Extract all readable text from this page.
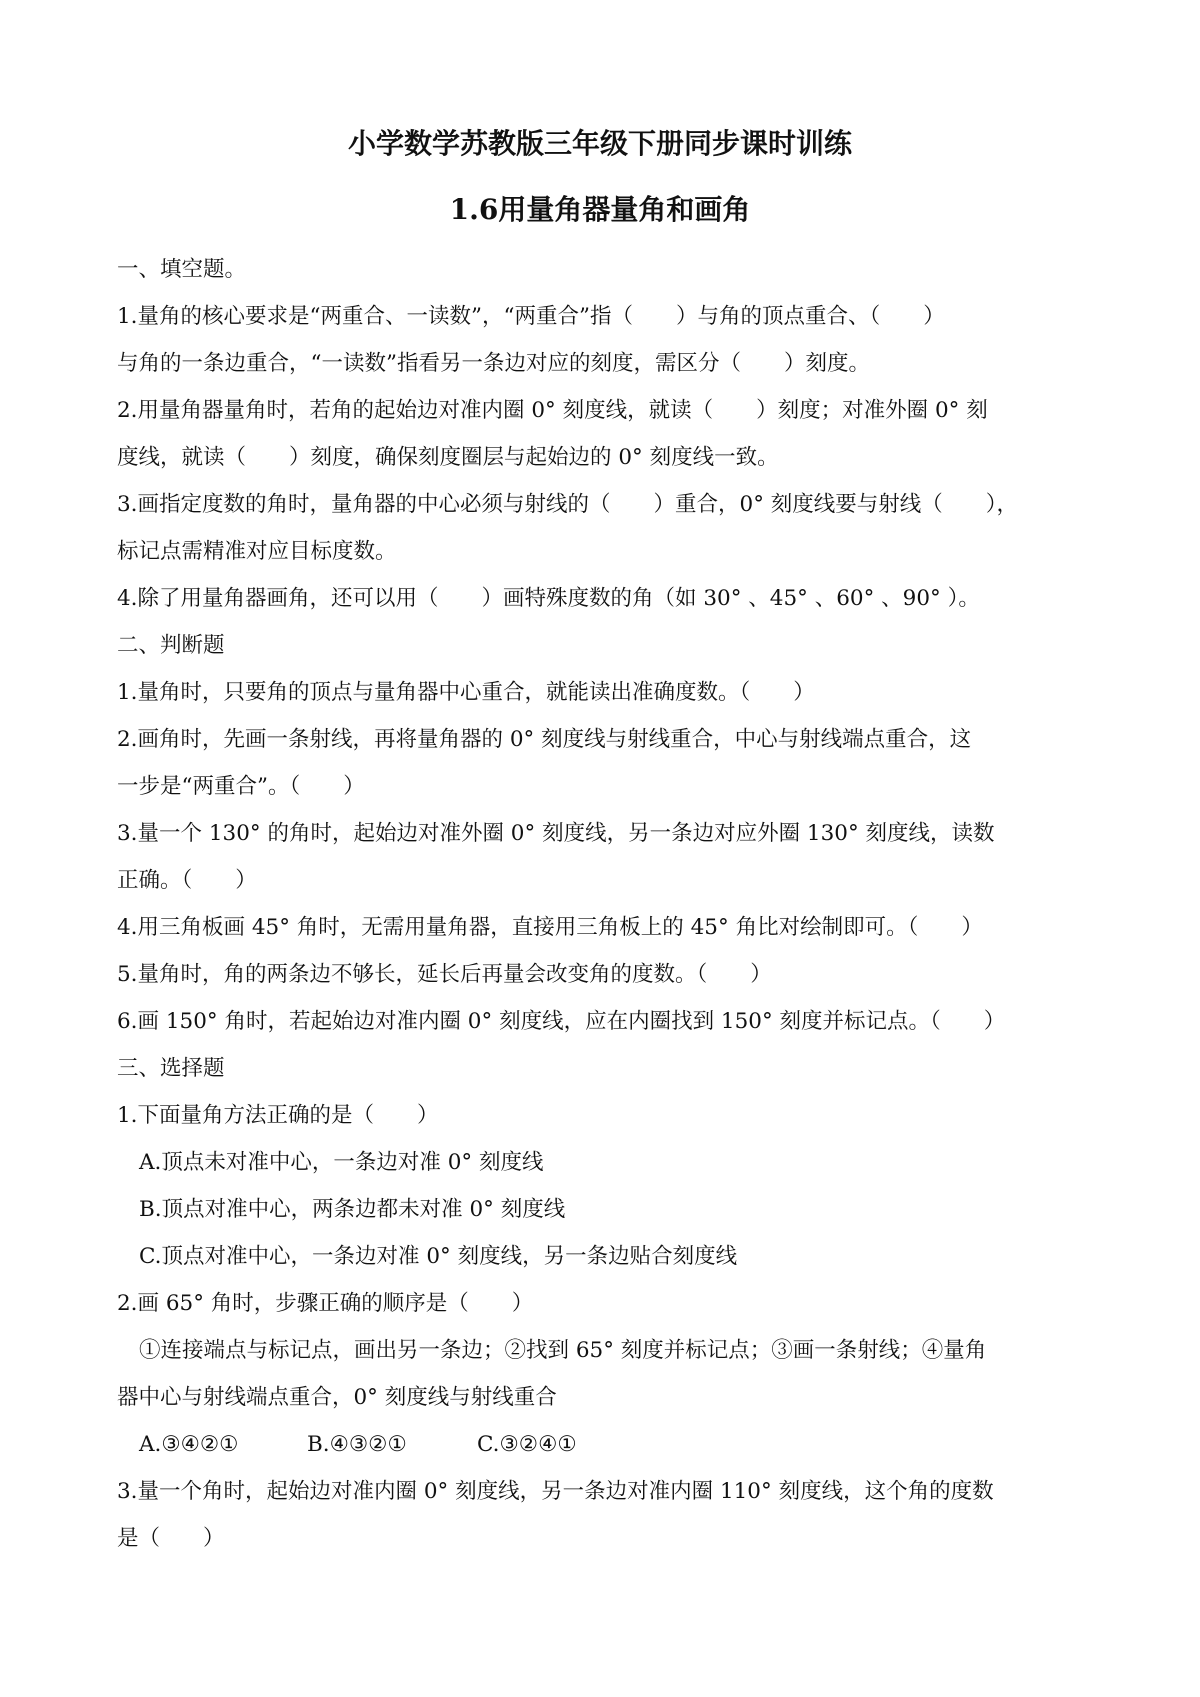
小学数学苏教版三年级下册同步课时训练
1.6用量角器量角和画角
一、填空题。
1.量角的核心要求是“两重合、一读数”，“两重合”指（　　）与角的顶点重合、（　　）
与角的一条边重合，“一读数”指看另一条边对应的刻度，需区分（　　）刻度。
2.用量角器量角时，若角的起始边对准内圈 0° 刻度线，就读（　　）刻度；对准外圈 0° 刻
度线，就读（　　）刻度，确保刻度圈层与起始边的 0° 刻度线一致。
3.画指定度数的角时，量角器的中心必须与射线的（　　）重合，0° 刻度线要与射线（　　），
标记点需精准对应目标度数。
4.除了用量角器画角，还可以用（　　）画特殊度数的角（如 30° 、45° 、60° 、90° ）。
二、判断题
1.量角时，只要角的顶点与量角器中心重合，就能读出准确度数。（　　）
2.画角时，先画一条射线，再将量角器的 0° 刻度线与射线重合，中心与射线端点重合，这
一步是“两重合”。（　　）
3.量一个 130° 的角时，起始边对准外圈 0° 刻度线，另一条边对应外圈 130° 刻度线，读数
正确。（　　）
4.用三角板画 45° 角时，无需用量角器，直接用三角板上的 45° 角比对绘制即可。（　　）
5.量角时，角的两条边不够长，延长后再量会改变角的度数。（　　）
6.画 150° 角时，若起始边对准内圈 0° 刻度线，应在内圈找到 150° 刻度并标记点。（　　）
三、选择题
1.下面量角方法正确的是（　　）
A.顶点未对准中心，一条边对准 0° 刻度线
B.顶点对准中心，两条边都未对准 0° 刻度线
C.顶点对准中心，一条边对准 0° 刻度线，另一条边贴合刻度线
2.画 65° 角时，步骤正确的顺序是（　　）
①连接端点与标记点，画出另一条边；②找到 65° 刻度并标记点；③画一条射线；④量角
器中心与射线端点重合，0° 刻度线与射线重合
A.③④②①	B.④③②①	C.③②④①
3.量一个角时，起始边对准内圈 0° 刻度线，另一条边对准内圈 110° 刻度线，这个角的度数
是（　　）
